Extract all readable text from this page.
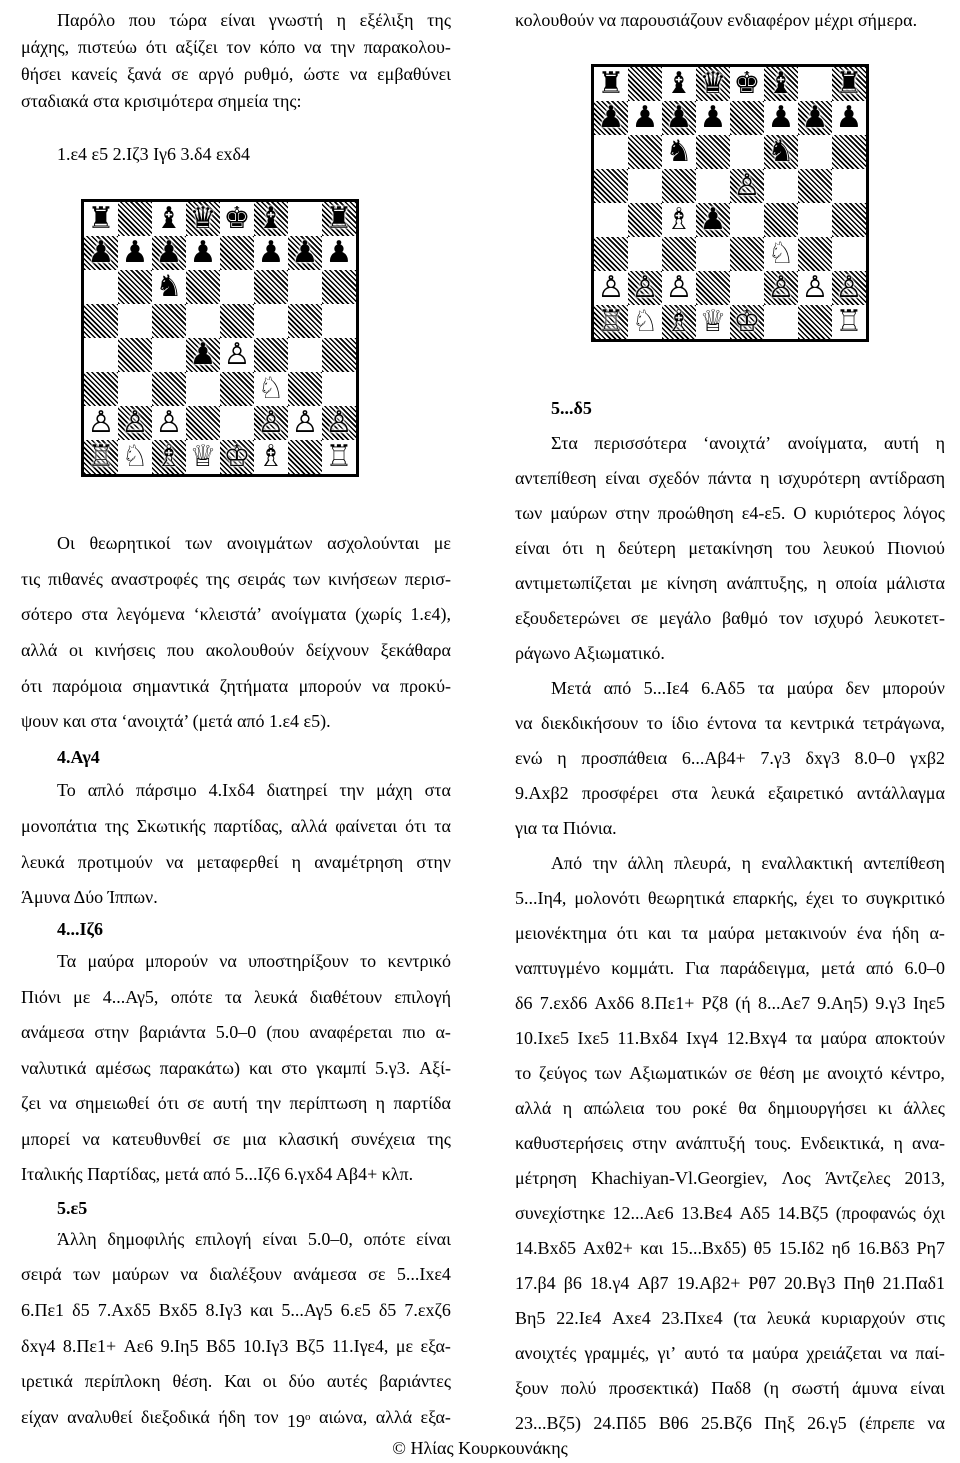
Παρόλο που τώρα είναι γνωστή η εξέλιξη της
μάχης, πιστεύω ότι αξίζει τον κόπο να την παρακολου-
θήσει κανείς ξανά σε αργό ρυθμό, ώστε να εμβαθύνει
σταδιακά στα κρισιμότερα σημεία της:
1.ε4 ε5 2.Ιζ3 Ιγ6 3.δ4 εxδ4
Οι θεωρητικοί των ανοιγμάτων ασχολούνται με
τις πιθανές αναστροφές της σειράς των κινήσεων περισ-
σότερο στα λεγόμενα ‘κλειστά’ ανοίγματα (χωρίς 1.ε4),
αλλά οι κινήσεις που ακολουθούν δείχνουν ξεκάθαρα
ότι παρόμοια σημαντικά ζητήματα μπορούν να προκύ-
ψουν και στα ‘ανοιχτά’ (μετά από 1.ε4 ε5).
4.Αγ4
Το απλό πάρσιμο 4.Ιxδ4 διατηρεί την μάχη στα
μονοπάτια της Σκωτικής παρτίδας, αλλά φαίνεται ότι τα
λευκά προτιμούν να μεταφερθεί η αναμέτρηση στην
Άμυνα Δύο Ίππων.
4...Ιζ6
Τα μαύρα μπορούν να υποστηρίξουν το κεντρικό
Πιόνι με 4...Αγ5, οπότε τα λευκά διαθέτουν επιλογή
ανάμεσα στην βαριάντα 5.0–0 (που αναφέρεται πιο α-
ναλυτικά αμέσως παρακάτω) και στο γκαμπί 5.γ3. Αξί-
ζει να σημειωθεί ότι σε αυτή την περίπτωση η παρτίδα
μπορεί να κατευθυνθεί σε μια κλασική συνέχεια της
Ιταλικής Παρτίδας, μετά από 5...Ιζ6 6.γxδ4 Αβ4+ κλπ.
5.ε5
Άλλη δημοφιλής επιλογή είναι 5.0–0, οπότε είναι
σειρά των μαύρων να διαλέξουν ανάμεσα σε 5...Ιxε4
6.Πε1 δ5 7.Αxδ5 Βxδ5 8.Ιγ3 και 5...Αγ5 6.ε5 δ5 7.εxζ6
δxγ4 8.Πε1+ Αε6 9.Ιη5 Βδ5 10.Ιγ3 Βζ5 11.Ιγε4, με εξα-
ιρετικά περίπλοκη θέση. Και οι δύο αυτές βαριάντες
είχαν αναλυθεί διεξοδικά ήδη τον $19^o$ αιώνα, αλλά εξα-
κολουθούν να παρουσιάζουν ενδιαφέρον μέχρι σήμερα.
5...δ5
Στα περισσότερα ‘ανοιχτά’ ανοίγματα, αυτή η
αντεπίθεση είναι σχεδόν πάντα η ισχυρότερη αντίδραση
των μαύρων στην προώθηση ε4-ε5. Ο κυριότερος λόγος
είναι ότι η δεύτερη μετακίνηση του λευκού Πιονιού
αντιμετωπίζεται με κίνηση ανάπτυξης, η οποία μάλιστα
εξουδετερώνει σε μεγάλο βαθμό τον ισχυρό λευκοτετ-
ράγωνο Αξιωματικό.
Μετά από 5...Ιε4 6.Αδ5 τα μαύρα δεν μπορούν
να διεκδικήσουν το ίδιο έντονα τα κεντρικά τετράγωνα,
ενώ η προσπάθεια 6...Αβ4+ 7.γ3 δxγ3 8.0–0 γxβ2
9.Αxβ2 προσφέρει στα λευκά εξαιρετικό αντάλλαγμα
για τα Πιόνια.
Από την άλλη πλευρά, η εναλλακτική αντεπίθεση
5...Ιη4, μολονότι θεωρητικά επαρκής, έχει το συγκριτικό
μειονέκτημα ότι και τα μαύρα μετακινούν ένα ήδη α-
ναπτυγμένο κομμάτι. Για παράδειγμα, μετά από 6.0–0
δ6 7.εxδ6 Αxδ6 8.Πε1+ Ρζ8 (ή 8...Αε7 9.Αη5) 9.γ3 Ιηε5
10.Ιxε5 Ιxε5 11.Βxδ4 Ιxγ4 12.Βxγ4 τα μαύρα αποκτούν
το ζεύγος των Αξιωματικών σε θέση με ανοιχτό κέντρο,
αλλά η απώλεια του ροκέ θα δημιουργήσει κι άλλες
καθυστερήσεις στην ανάπτυξή τους. Ενδεικτικά, η ανα-
μέτρηση Khachiyan-Vl.Georgiev, Λος Άντζελες 2013,
συνεχίστηκε 12...Αε6 13.Βε4 Αδ5 14.Βζ5 (προφανώς όχι
14.Βxδ5 Αxθ2+ και 15...Βxδ5) θ5 15.Ιδ2 ηб 16.Βδ3 Ρη7
17.β4 β6 18.γ4 Αβ7 19.Αβ2+ Ρθ7 20.Βγ3 Πηθ 21.Παδ1
Βη5 22.Ιε4 Αxε4 23.Πxε4 (τα λευκά κυριαρχούν στις
ανοιχτές γραμμές, γι’ αυτό τα μαύρα χρειάζεται να παί-
ξουν πολύ προσεκτικά) Παδ8 (η σωστή άμυνα είναι
23...Βζ5) 24.Πδ5 Βθ6 25.Βζ6 Πηξ 26.γ5 (έπρεπε να
♜ ♝ ♛ ♚ ♝ ♜
♟ ♟ ♟ ♟ ♟ ♟ ♟
♞
♟ ♙
♘
♙ ♙ ♙	♙ ♙ ♙
♖ ♘ ♗ ♕ ♔ ♗ ♖
♜ ♝ ♛ ♚ ♝ ♜
♟ ♟ ♟ ♟ ♟ ♟ ♟
♞	♞
♙
♗ ♟
♘
♙ ♙ ♙	♙ ♙ ♙
♖ ♘ ♗ ♕ ♔	♖
© Ηλίας Κουρκουνάκης
